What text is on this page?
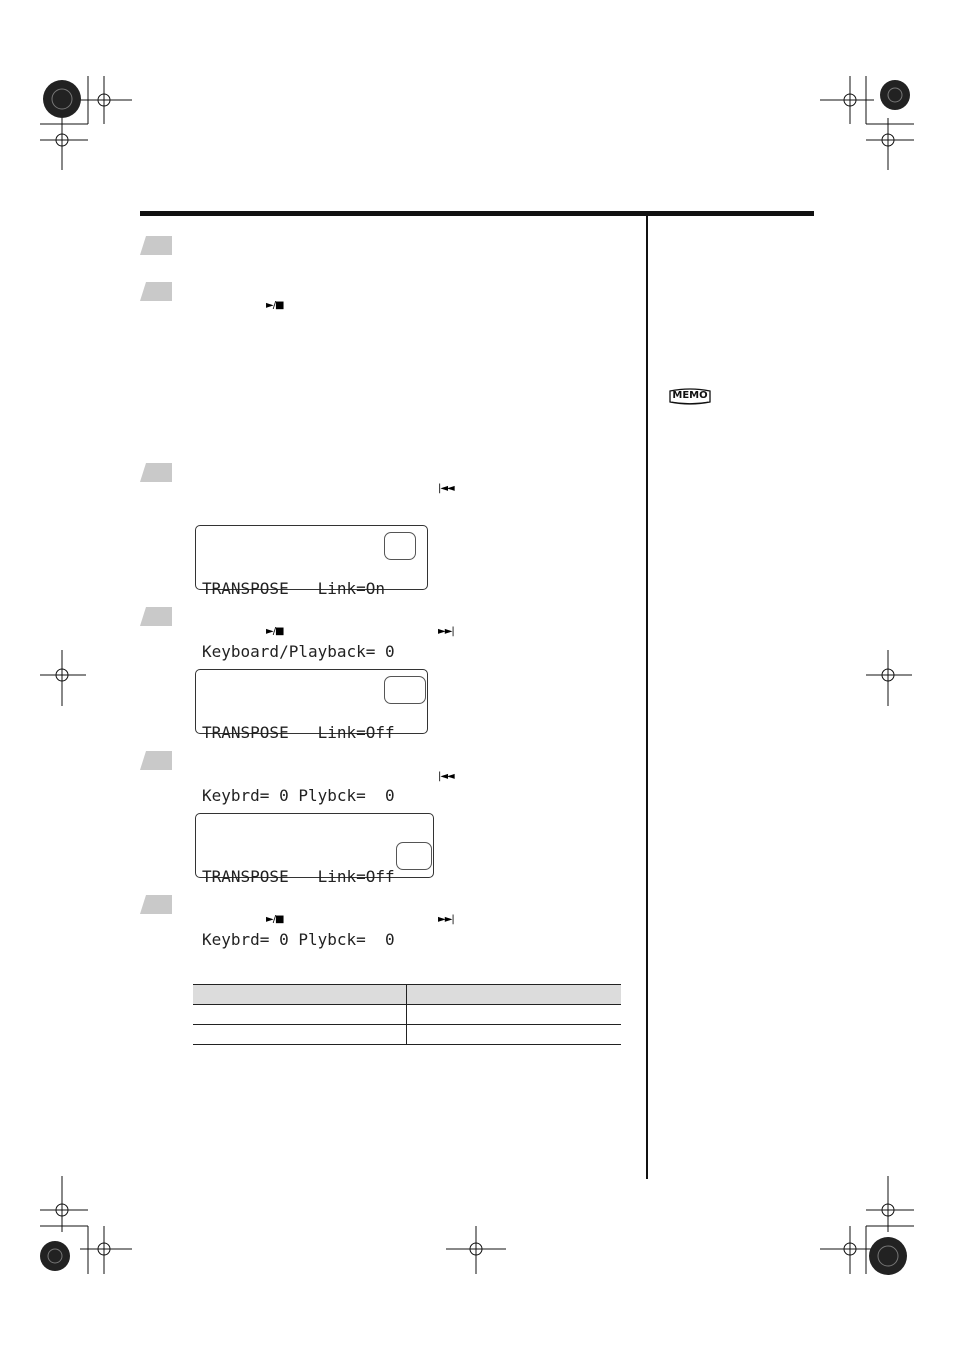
►/■
|◄◄
►/■	►►|
|◄◄
►/■	►►|

TRANSPOSE   Link=On

Keyboard/Playback= 0

TRANSPOSE   Link=Off

Keybrd= 0 Plybck=  0

TRANSPOSE   Link=Off

Keybrd= 0 Plybck=  0

MEMO
